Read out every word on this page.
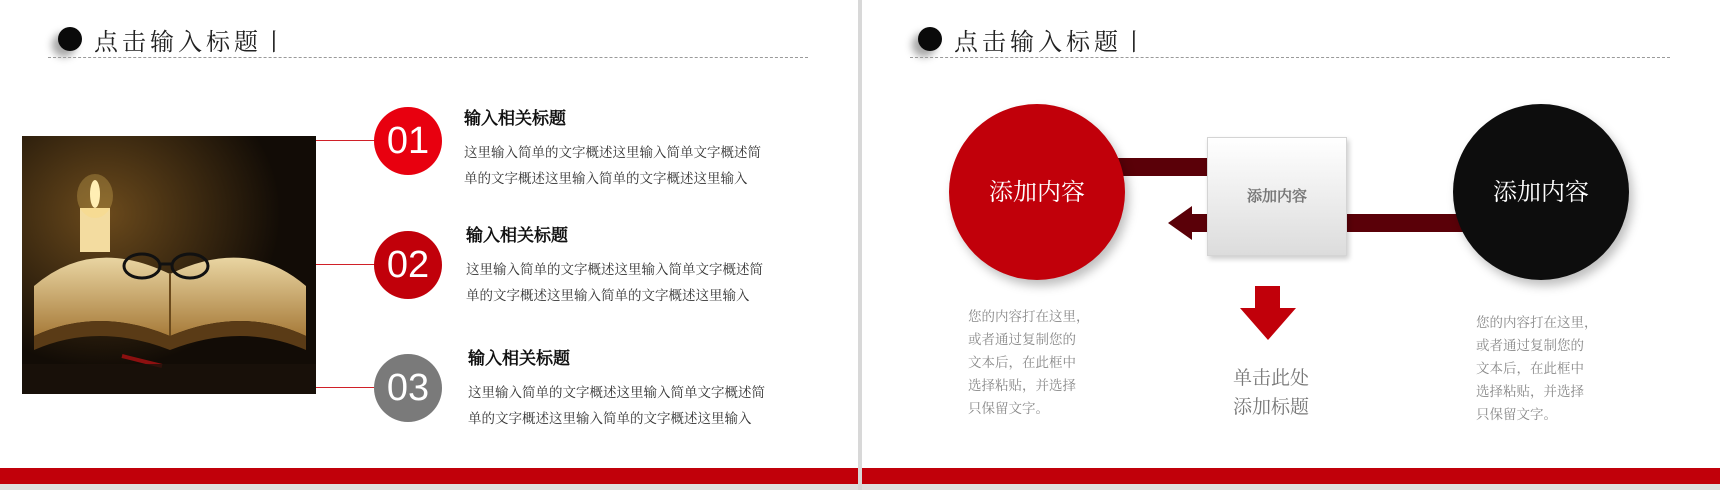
点击输入标题丨
01
输入相关标题
这里输入简单的文字概述这里输入简单文字概述简
单的文字概述这里输入简单的文字概述这里输入
02
输入相关标题
这里输入简单的文字概述这里输入简单文字概述简
单的文字概述这里输入简单的文字概述这里输入
03
输入相关标题
这里输入简单的文字概述这里输入简单文字概述简
单的文字概述这里输入简单的文字概述这里输入
点击输入标题丨
添加内容	添加内容	添加内容
您的内容打在这里，
或者通过复制您的
文本后，在此框中
选择粘贴，并选择
只保留文字。
单击此处
添加标题
您的内容打在这里，
或者通过复制您的
文本后，在此框中
选择粘贴，并选择
只保留文字。
